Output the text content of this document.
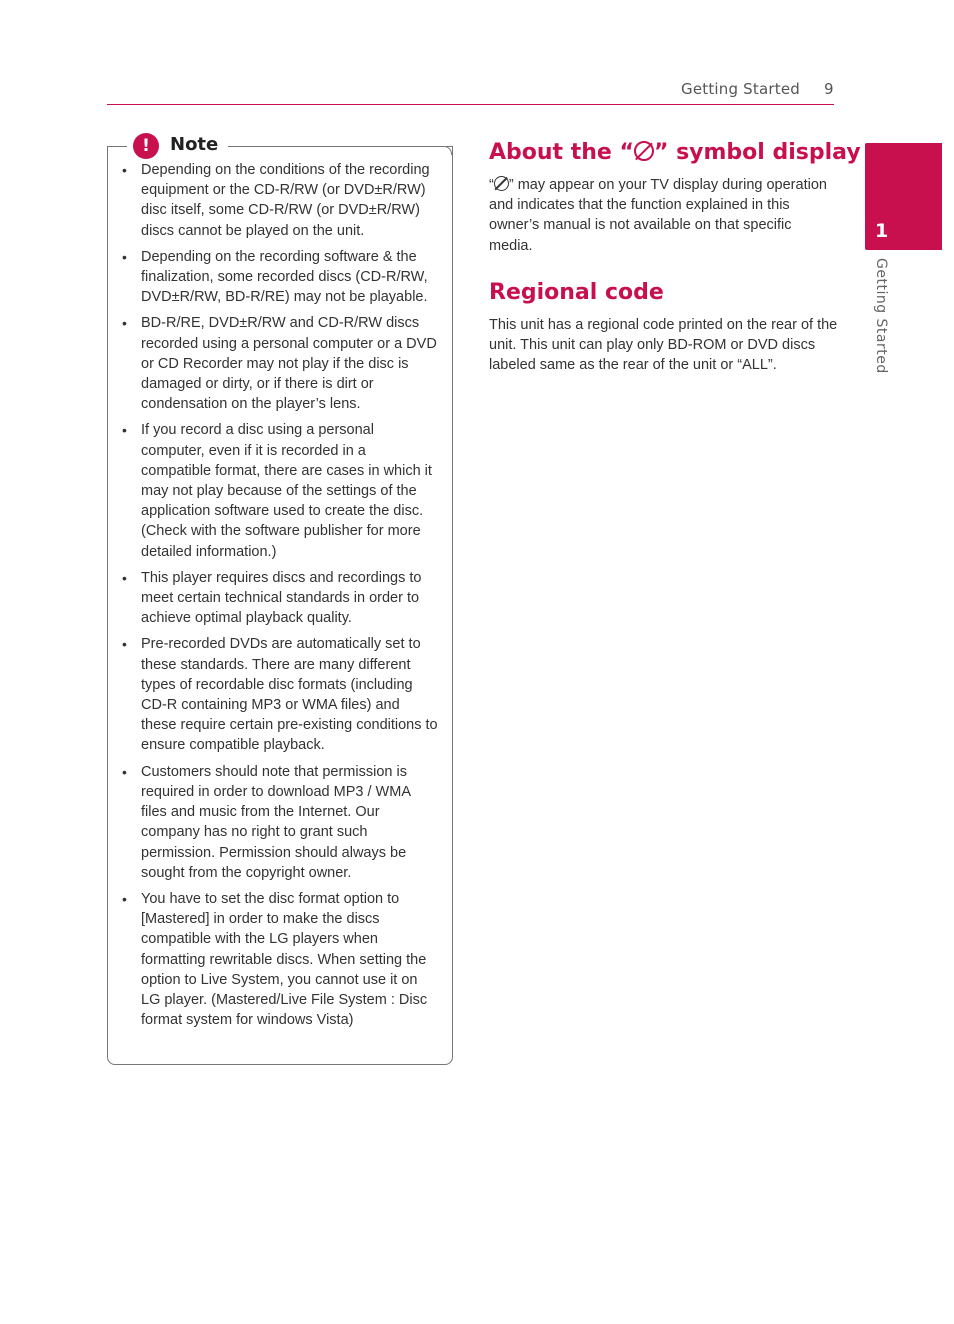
Getting Started 9
1
Getting Started
!	Note
• Depending on the conditions of the recording equipment or the CD-R/RW (or DVD±R/RW) disc itself, some CD-R/RW (or DVD±R/RW) discs cannot be played on the unit.
• Depending on the recording software & the finalization, some recorded discs (CD-R/RW, DVD±R/RW, BD-R/RE) may not be playable.
• BD-R/RE, DVD±R/RW and CD-R/RW discs recorded using a personal computer or a DVD or CD Recorder may not play if the disc is damaged or dirty, or if there is dirt or condensation on the player’s lens.
• If you record a disc using a personal computer, even if it is recorded in a compatible format, there are cases in which it may not play because of the settings of the application software used to create the disc. (Check with the software publisher for more detailed information.)
• This player requires discs and recordings to meet certain technical standards in order to achieve optimal playback quality.
• Pre-recorded DVDs are automatically set to these standards. There are many different types of recordable disc formats (including CD-R containing MP3 or WMA files) and these require certain pre-existing conditions to ensure compatible playback.
• Customers should note that permission is required in order to download MP3 / WMA files and music from the Internet. Our company has no right to grant such permission. Permission should always be sought from the copyright owner.
• You have to set the disc format option to [Mastered] in order to make the discs compatible with the LG players when formatting rewritable discs. When setting the option to Live System, you cannot use it on LG player. (Mastered/Live File System : Disc format system for windows Vista)
About the “ ” symbol display

“ ” may appear on your TV display during operation and indicates that the function explained in this owner’s manual is not available on that specific media.

Regional code

This unit has a regional code printed on the rear of the unit. This unit can play only BD-ROM or DVD discs labeled same as the rear of the unit or “ALL”.
